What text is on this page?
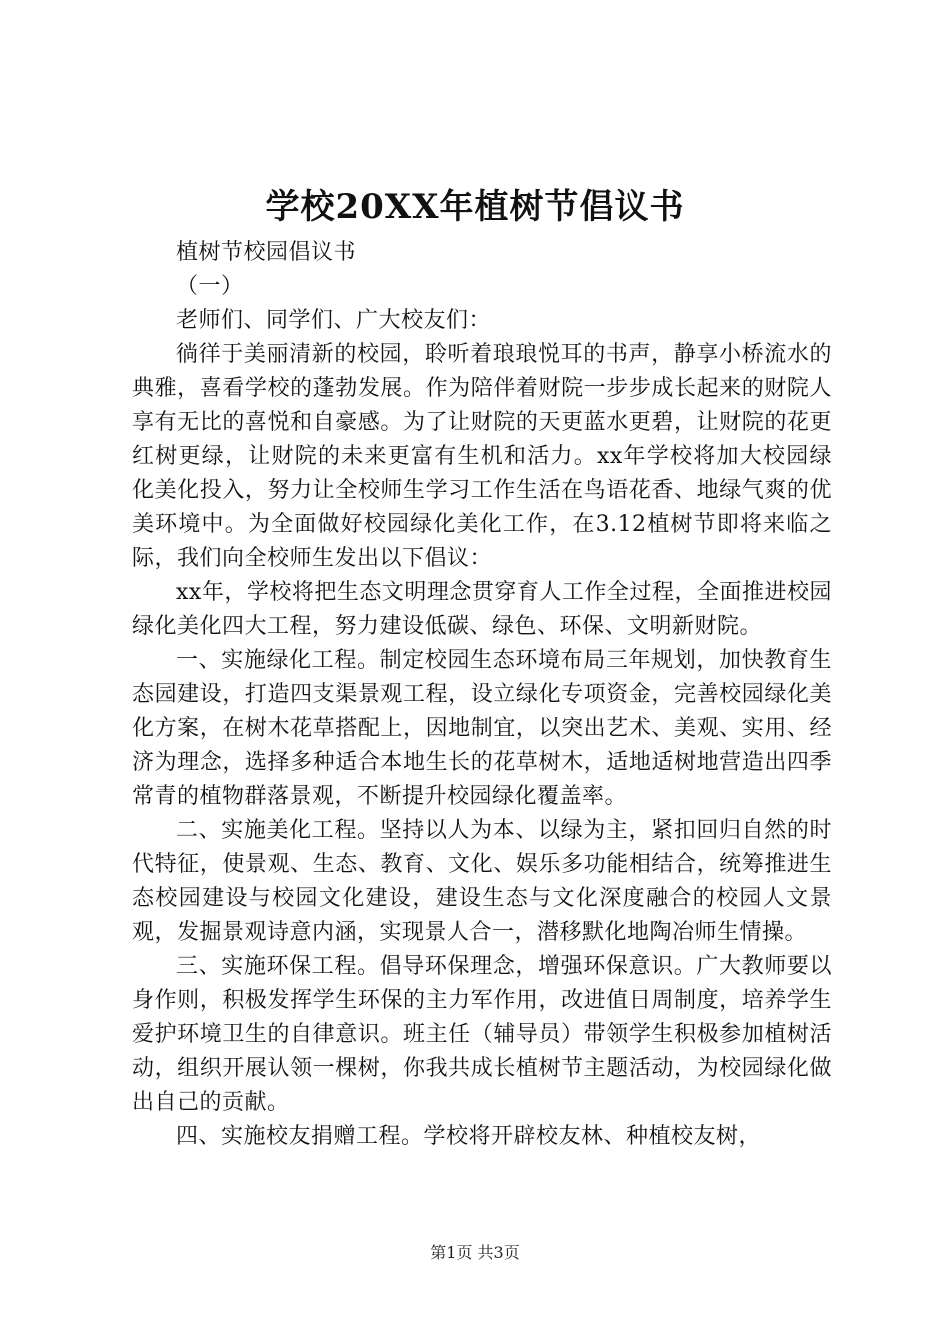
学校20XX年植树节倡议书

植树节校园倡议书

（一）

老师们、同学们、广大校友们：

徜徉于美丽清新的校园，聆听着琅琅悦耳的书声，静享小桥流水的典雅，喜看学校的蓬勃发展。作为陪伴着财院一步步成长起来的财院人享有无比的喜悦和自豪感。为了让财院的天更蓝水更碧，让财院的花更红树更绿，让财院的未来更富有生机和活力。xx年学校将加大校园绿化美化投入，努力让全校师生学习工作生活在鸟语花香、地绿气爽的优美环境中。为全面做好校园绿化美化工作，在3.12植树节即将来临之际，我们向全校师生发出以下倡议：

xx年，学校将把生态文明理念贯穿育人工作全过程，全面推进校园绿化美化四大工程，努力建设低碳、绿色、环保、文明新财院。

一、实施绿化工程。制定校园生态环境布局三年规划，加快教育生态园建设，打造四支渠景观工程，设立绿化专项资金，完善校园绿化美化方案，在树木花草搭配上，因地制宜，以突出艺术、美观、实用、经济为理念，选择多种适合本地生长的花草树木，适地适树地营造出四季常青的植物群落景观，不断提升校园绿化覆盖率。

二、实施美化工程。坚持以人为本、以绿为主，紧扣回归自然的时代特征，使景观、生态、教育、文化、娱乐多功能相结合，统筹推进生态校园建设与校园文化建设，建设生态与文化深度融合的校园人文景观，发掘景观诗意内涵，实现景人合一，潜移默化地陶冶师生情操。

三、实施环保工程。倡导环保理念，增强环保意识。广大教师要以身作则，积极发挥学生环保的主力军作用，改进值日周制度，培养学生爱护环境卫生的自律意识。班主任（辅导员）带领学生积极参加植树活动，组织开展认领一棵树，你我共成长植树节主题活动，为校园绿化做出自己的贡献。

四、实施校友捐赠工程。学校将开辟校友林、种植校友树，

第1页 共3页
